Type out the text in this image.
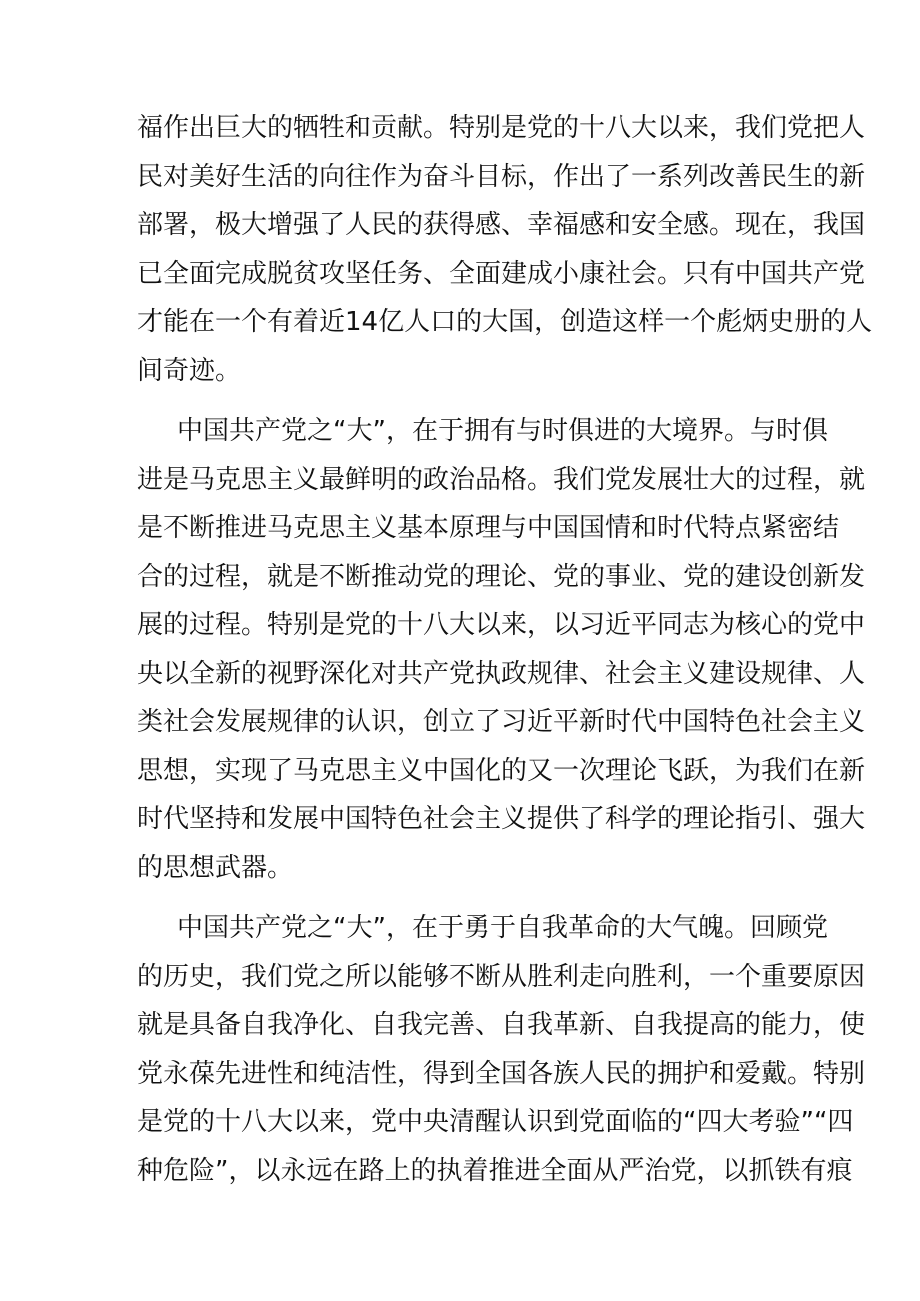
福作出巨大的牺牲和贡献。特别是党的十八大以来，我们党把人
民对美好生活的向往作为奋斗目标，作出了一系列改善民生的新
部署，极大增强了人民的获得感、幸福感和安全感。现在，我国
已全面完成脱贫攻坚任务、全面建成小康社会。只有中国共产党
才能在一个有着近14亿人口的大国，创造这样一个彪炳史册的人
间奇迹。
中国共产党之“大”，在于拥有与时俱进的大境界。与时俱
进是马克思主义最鲜明的政治品格。我们党发展壮大的过程，就
是不断推进马克思主义基本原理与中国国情和时代特点紧密结
合的过程，就是不断推动党的理论、党的事业、党的建设创新发
展的过程。特别是党的十八大以来，以习近平同志为核心的党中
央以全新的视野深化对共产党执政规律、社会主义建设规律、人
类社会发展规律的认识，创立了习近平新时代中国特色社会主义
思想，实现了马克思主义中国化的又一次理论飞跃，为我们在新
时代坚持和发展中国特色社会主义提供了科学的理论指引、强大
的思想武器。
中国共产党之“大”，在于勇于自我革命的大气魄。回顾党
的历史，我们党之所以能够不断从胜利走向胜利，一个重要原因
就是具备自我净化、自我完善、自我革新、自我提高的能力，使
党永葆先进性和纯洁性，得到全国各族人民的拥护和爱戴。特别
是党的十八大以来，党中央清醒认识到党面临的“四大考验”“四
种危险”，以永远在路上的执着推进全面从严治党，以抓铁有痕
